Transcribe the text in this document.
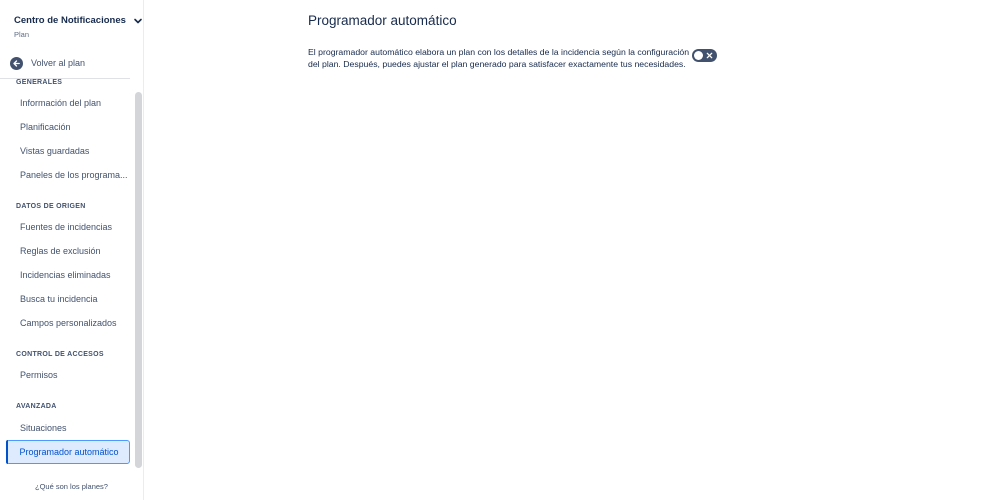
Centro de Notificaciones
Plan
Volver al plan
GENERALES
Información del plan
Planificación
Vistas guardadas
Paneles de los programa...
DATOS DE ORIGEN
Fuentes de incidencias
Reglas de exclusión
Incidencias eliminadas
Busca tu incidencia
Campos personalizados
CONTROL DE ACCESOS
Permisos
AVANZADA
Situaciones
Programador automático
¿Qué son los planes?
Programador automático

El programador automático elabora un plan con los detalles de la incidencia según la configuración del plan. Después, puedes ajustar el plan generado para satisfacer exactamente tus necesidades.
